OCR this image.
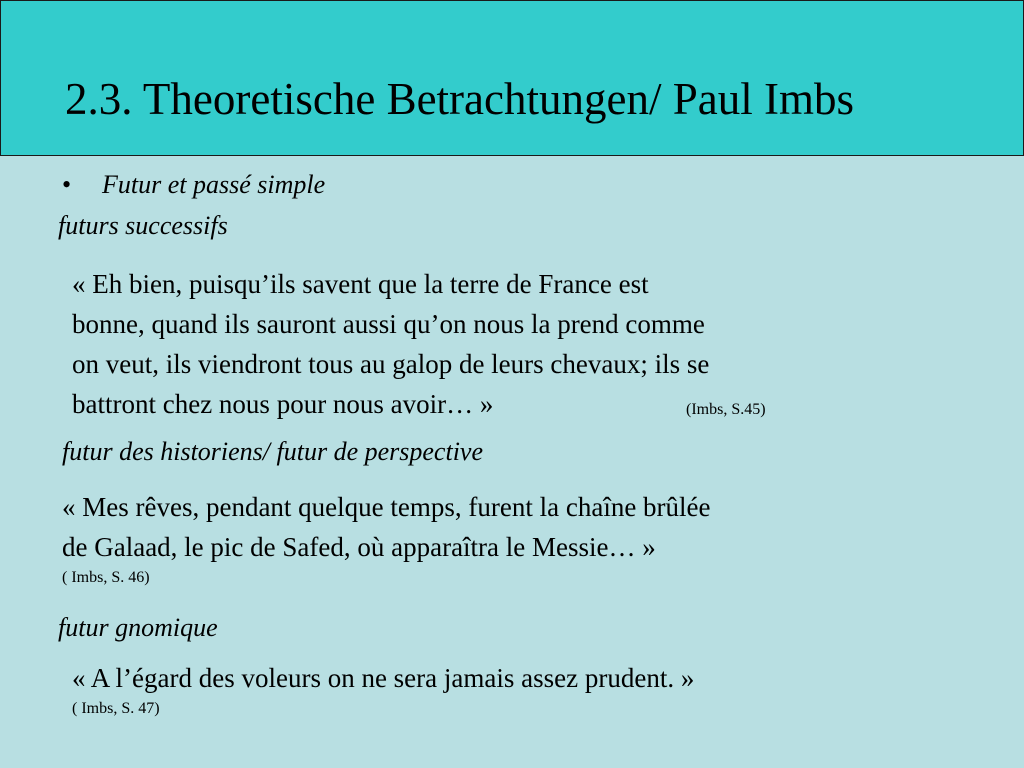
2.3. Theoretische Betrachtungen/ Paul Imbs
• Futur et passé simple
futurs successifs
« Eh bien, puisqu’ils savent que la terre de France est
bonne, quand ils sauront aussi qu’on nous la prend comme
on veut, ils viendront tous au galop de leurs chevaux; ils se
battront chez nous pour nous avoir… »	(Imbs, S.45)
futur des historiens/ futur de perspective
« Mes rêves, pendant quelque temps, furent la chaîne brûlée
de Galaad, le pic de Safed, où apparaîtra le Messie… »
( Imbs, S. 46)
futur gnomique
« A l’égard des voleurs on ne sera jamais assez prudent. »
( Imbs, S. 47)
